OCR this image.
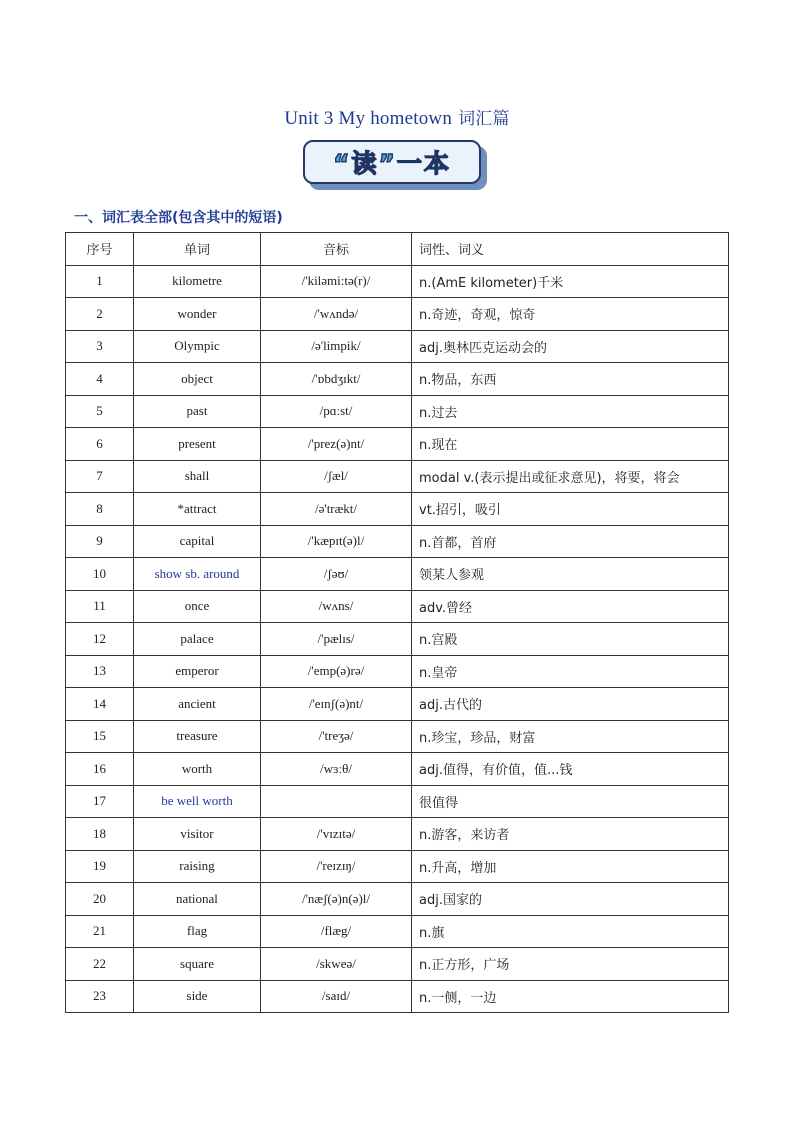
Unit 3 My hometown 词汇篇
“读”一本
一、词汇表全部(包含其中的短语)
序号	单词	音标	词性、词义
1	kilometre	/'kiləmi:tə(r)/	n.(AmE kilometer)千米
2	wonder	/'wʌndə/	n.奇迹，奇观，惊奇
3	Olympic	/ə'limpik/	adj.奥林匹克运动会的
4	object	/'ɒbdʒɪkt/	n.物品，东西
5	past	/pɑːst/	n.过去
6	present	/'prez(ə)nt/	n.现在
7	shall	/ʃæl/	modal v.(表示提出或征求意见)，将要，将会
8	*attract	/ə'trækt/	vt.招引，吸引
9	capital	/'kæpɪt(ə)l/	n.首都，首府
10	show sb. around	/ʃəʊ/	领某人参观
11	once	/wʌns/	adv.曾经
12	palace	/'pælɪs/	n.宫殿
13	emperor	/'emp(ə)rə/	n.皇帝
14	ancient	/'eɪnʃ(ə)nt/	adj.古代的
15	treasure	/'treʒə/	n.珍宝，珍品，财富
16	worth	/wɜːθ/	adj.值得，有价值，值...钱
17	be well worth		很值得
18	visitor	/'vɪzɪtə/	n.游客，来访者
19	raising	/'reɪzɪŋ/	n.升高，增加
20	national	/'næʃ(ə)n(ə)l/	adj.国家的
21	flag	/flæg/	n.旗
22	square	/skweə/	n.正方形，广场
23	side	/saɪd/	n.一侧，一边
